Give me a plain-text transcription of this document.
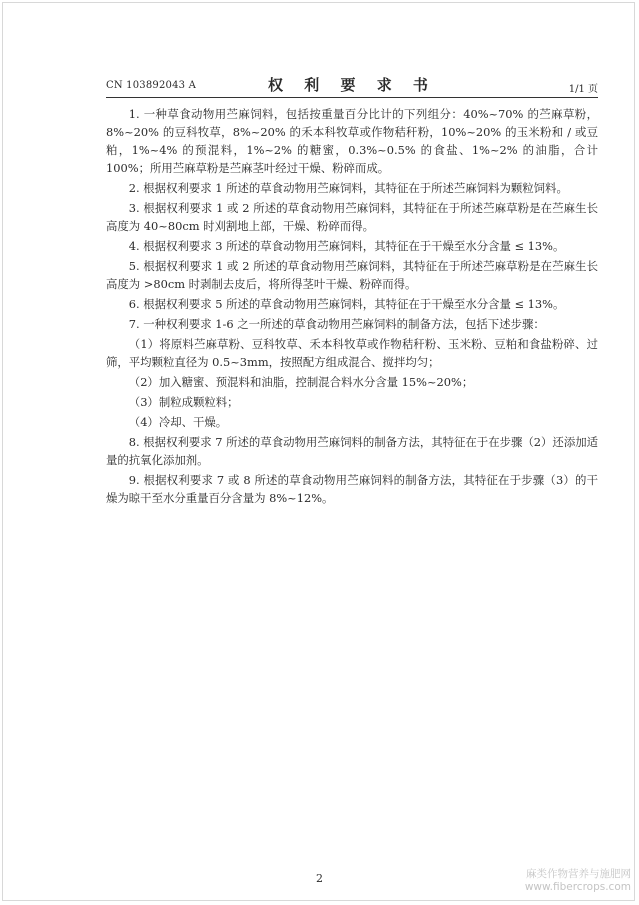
CN 103892043 A	权 利 要 求 书	1/1 页

1. 一种草食动物用苎麻饲料，包括按重量百分比计的下列组分：40%~70% 的苎麻草粉，8%~20% 的豆科牧草，8%~20% 的禾本科牧草或作物秸秆粉，10%~20% 的玉米粉和 / 或豆粕，1%~4% 的预混料，1%~2% 的糖蜜，0.3%~0.5% 的食盐、1%~2% 的油脂，合计 100%；所用苎麻草粉是苎麻茎叶经过干燥、粉碎而成。

2. 根据权利要求 1 所述的草食动物用苎麻饲料，其特征在于所述苎麻饲料为颗粒饲料。

3. 根据权利要求 1 或 2 所述的草食动物用苎麻饲料，其特征在于所述苎麻草粉是在苎麻生长高度为 40~80cm 时刈割地上部，干燥、粉碎而得。

4. 根据权利要求 3 所述的草食动物用苎麻饲料，其特征在于干燥至水分含量 ≤ 13%。

5. 根据权利要求 1 或 2 所述的草食动物用苎麻饲料，其特征在于所述苎麻草粉是在苎麻生长高度为 >80cm 时剥制去皮后，将所得茎叶干燥、粉碎而得。

6. 根据权利要求 5 所述的草食动物用苎麻饲料，其特征在于干燥至水分含量 ≤ 13%。

7. 一种权利要求 1-6 之一所述的草食动物用苎麻饲料的制备方法，包括下述步骤：

（1）将原料苎麻草粉、豆科牧草、禾本科牧草或作物秸秆粉、玉米粉、豆粕和食盐粉碎、过筛，平均颗粒直径为 0.5~3mm，按照配方组成混合、搅拌均匀；

（2）加入糖蜜、预混料和油脂，控制混合料水分含量 15%~20%；

（3）制粒成颗粒料；

（4）冷却、干燥。

8. 根据权利要求 7 所述的草食动物用苎麻饲料的制备方法，其特征在于在步骤（2）还添加适量的抗氧化添加剂。

9. 根据权利要求 7 或 8 所述的草食动物用苎麻饲料的制备方法，其特征在于步骤（3）的干燥为晾干至水分重量百分含量为 8%~12%。

2	麻类作物营养与施肥网
www.fibercrops.com
